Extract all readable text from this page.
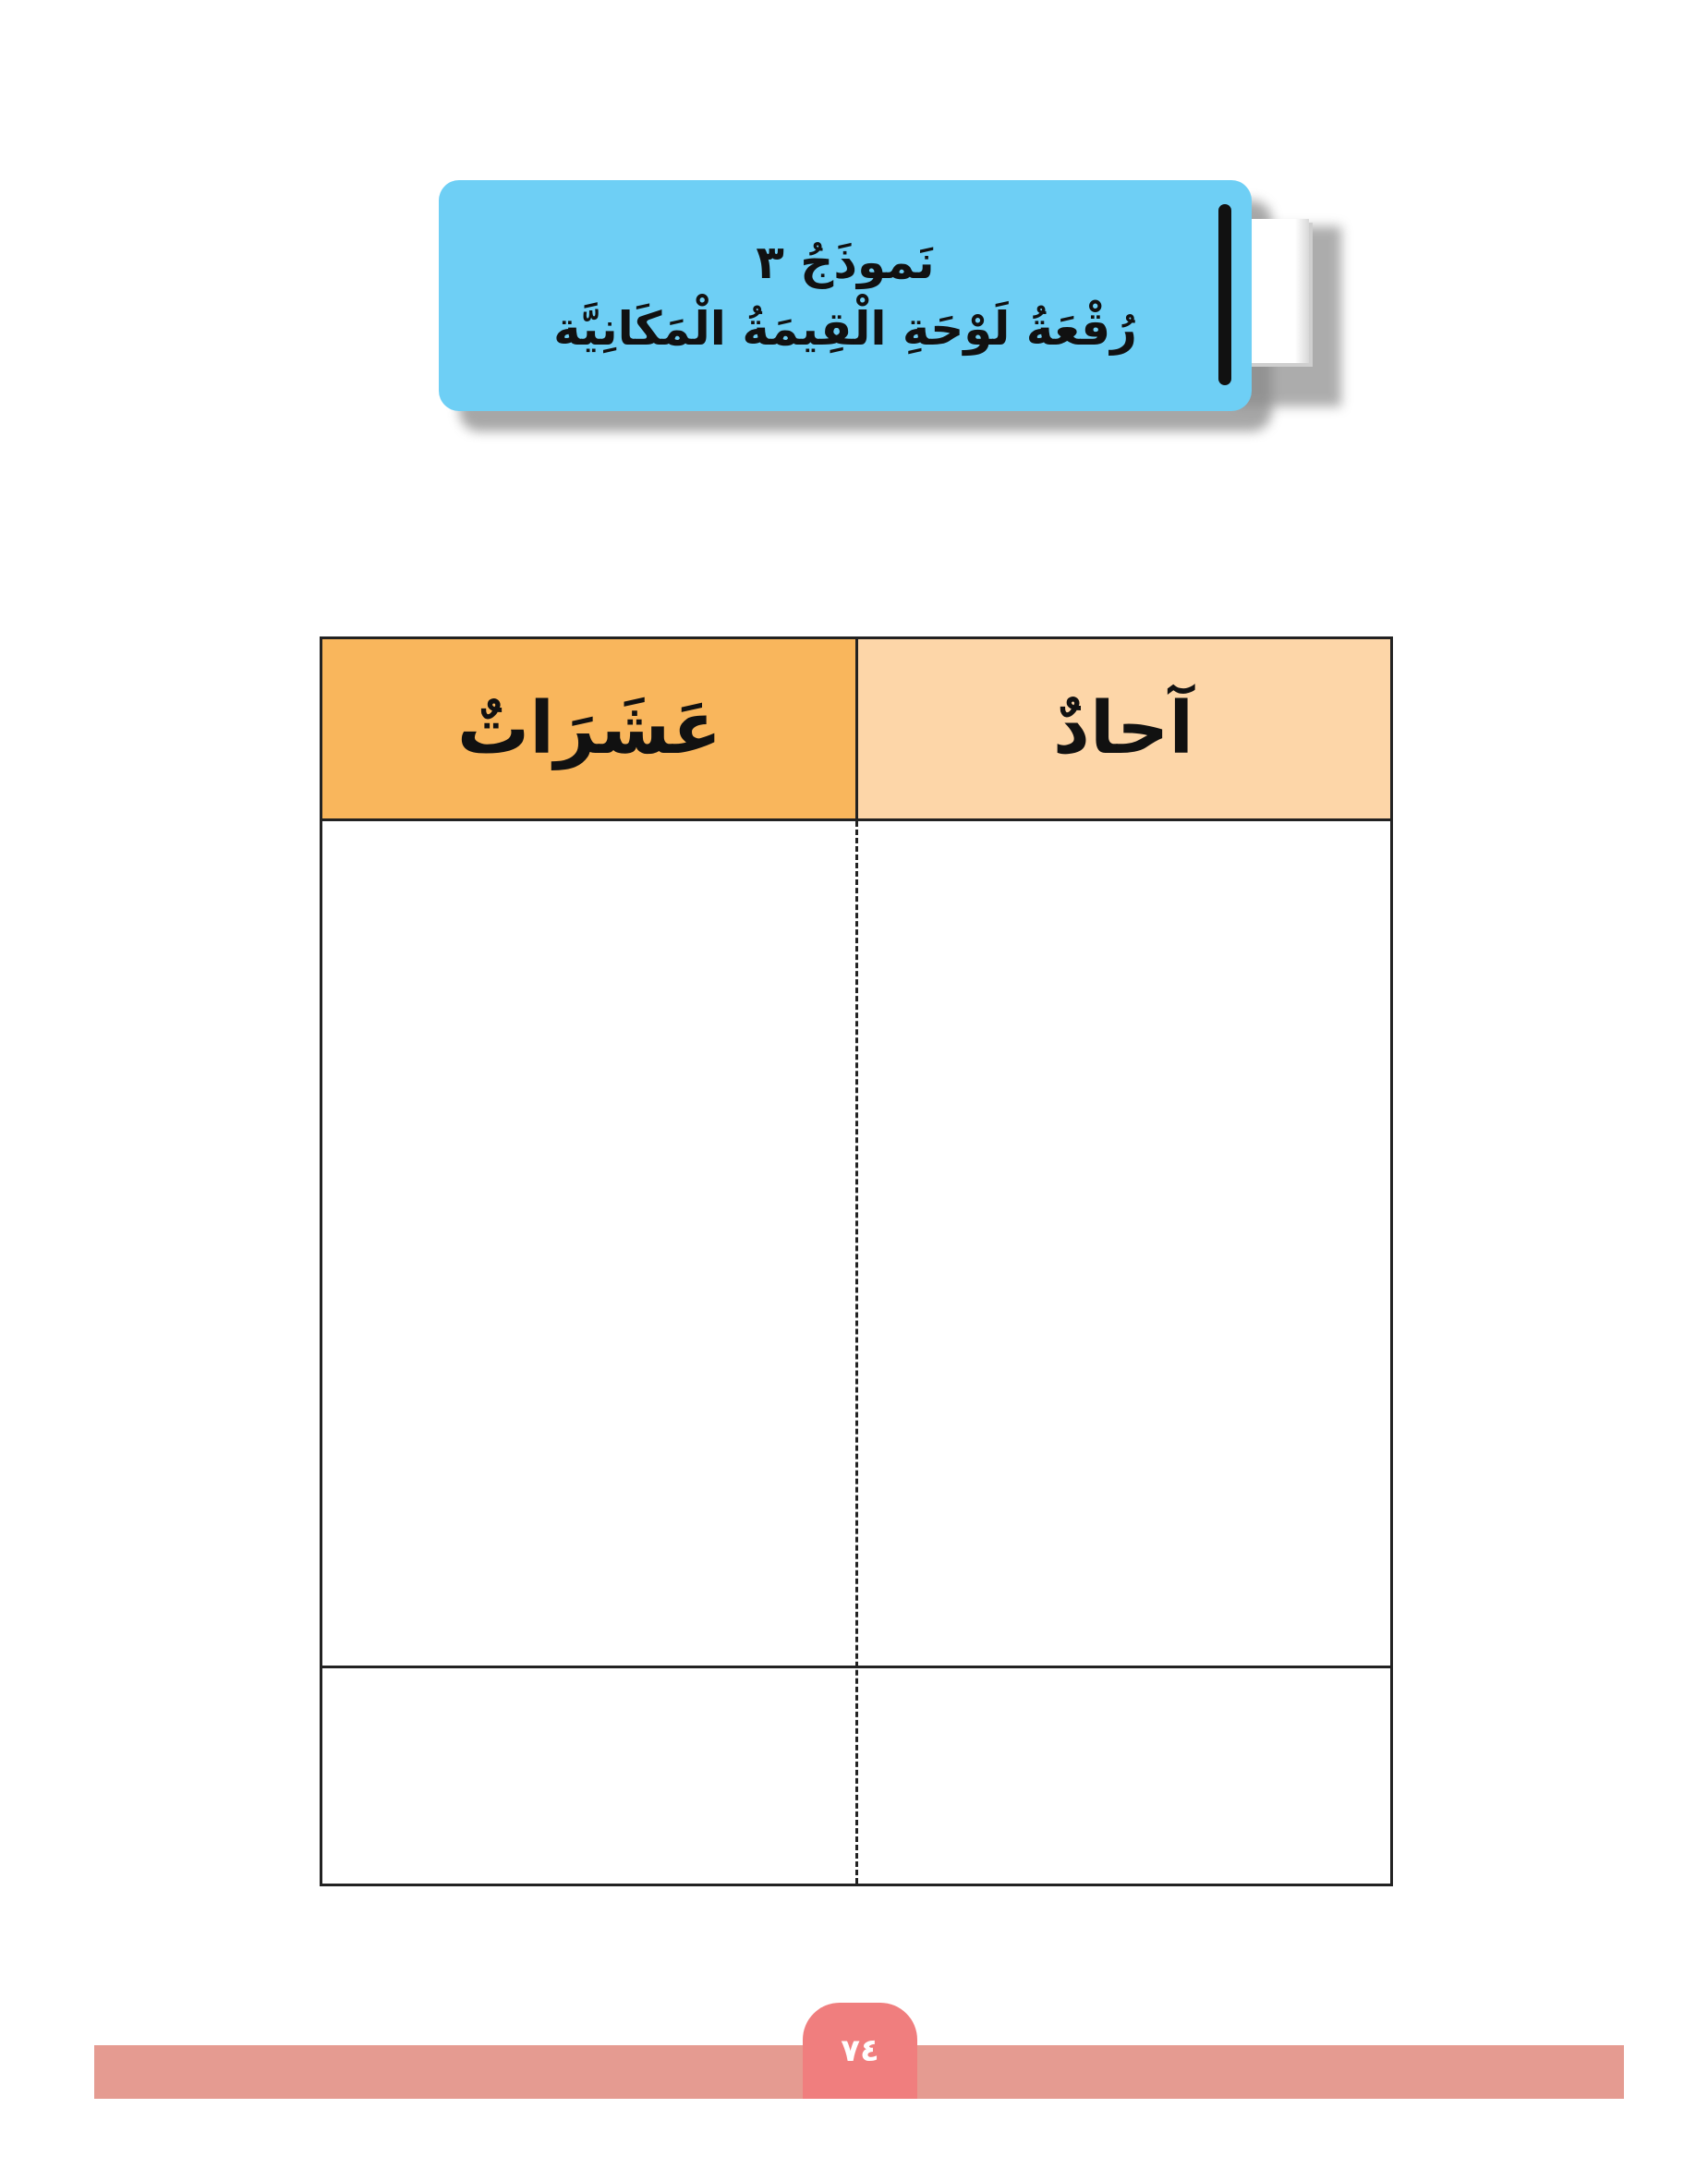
نَموذَجُ ٣
رُقْعَةُ لَوْحَةِ الْقِيمَةُ الْمَكَانِيَّة
عَشَرَاتٌ	آحادٌ
٧٤
